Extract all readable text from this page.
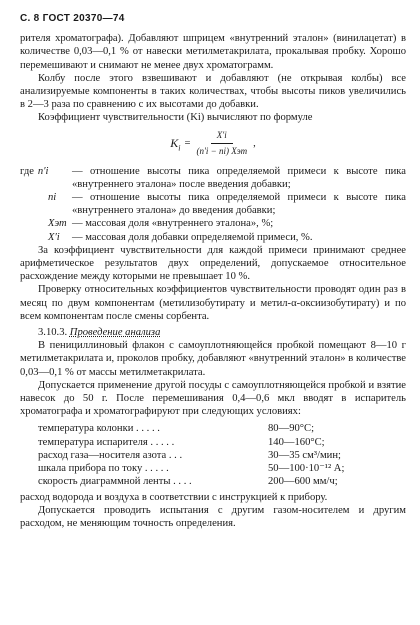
С. 8 ГОСТ 20370—74

рителя хроматографа). Добавляют шприцем «внутренний эталон» (винилацетат) в количестве 0,03—0,1 % от навески метилметакрилата, прокалывая пробку. Хорошо перемешивают и снимают не менее двух хроматограмм.

Колбу после этого взвешивают и добавляют (не открывая колбы) все анализируемые компоненты в таких количествах, чтобы высоты пиков увеличились в 2—3 раза по сравнению с их высотами до добавки.

Коэффициент чувствительности (Ki) вычисляют по формуле

$K_i = \frac{X'i}{\text{(n′i − ni) Xэт}}$ ,
где n′i	— отношение высоты пика определяемой примеси к высоте пика «внутреннего эталона» после введения добавки;
ni	— отношение высоты пика определяемой примеси к высоте пика «внутреннего эталона» до введения добавки;
Xэт — массовая доля «внутреннего эталона», %;
X′i	— массовая доля добавки определяемой примеси, %.

За коэффициент чувствительности для каждой примеси принимают среднее арифметическое результатов двух определений, допускаемое относительное расхождение между которыми не превышает 10 %.

Проверку относительных коэффициентов чувствительности проводят один раз в месяц по двум компонентам (метилизобутирату и метил-α-оксиизобутирату) и по всем компонентам после смены сорбента.

3.10.3. Проведение анализа

В пенициллиновый флакон с самоуплотняющейся пробкой помещают 8—10 г метилметакрилата и, проколов пробку, добавляют «внутренний эталон» в количестве 0,03—0,1 % от массы метилметакрилата.

Допускается применение другой посуды с самоуплотняющейся пробкой и взятие навесок до 50 г. После перемешивания 0,4—0,6 мкл вводят в испаритель хроматографа и хроматографируют при следующих условиях:

температура колонки . . . . .	80—90°С;
температура испарителя . . . . .	140—160°С;
расход газа—носителя азота . . .	30—35 см³/мин;
шкала прибора по току . . . . .	50—100·10⁻¹² А;
скорость диаграммной ленты . . . .	200—600 мм/ч;

расход водорода и воздуха в соответствии с инструкцией к прибору.

Допускается проводить испытания с другим газом-носителем и другим расходом, не меняющим точность определения.
